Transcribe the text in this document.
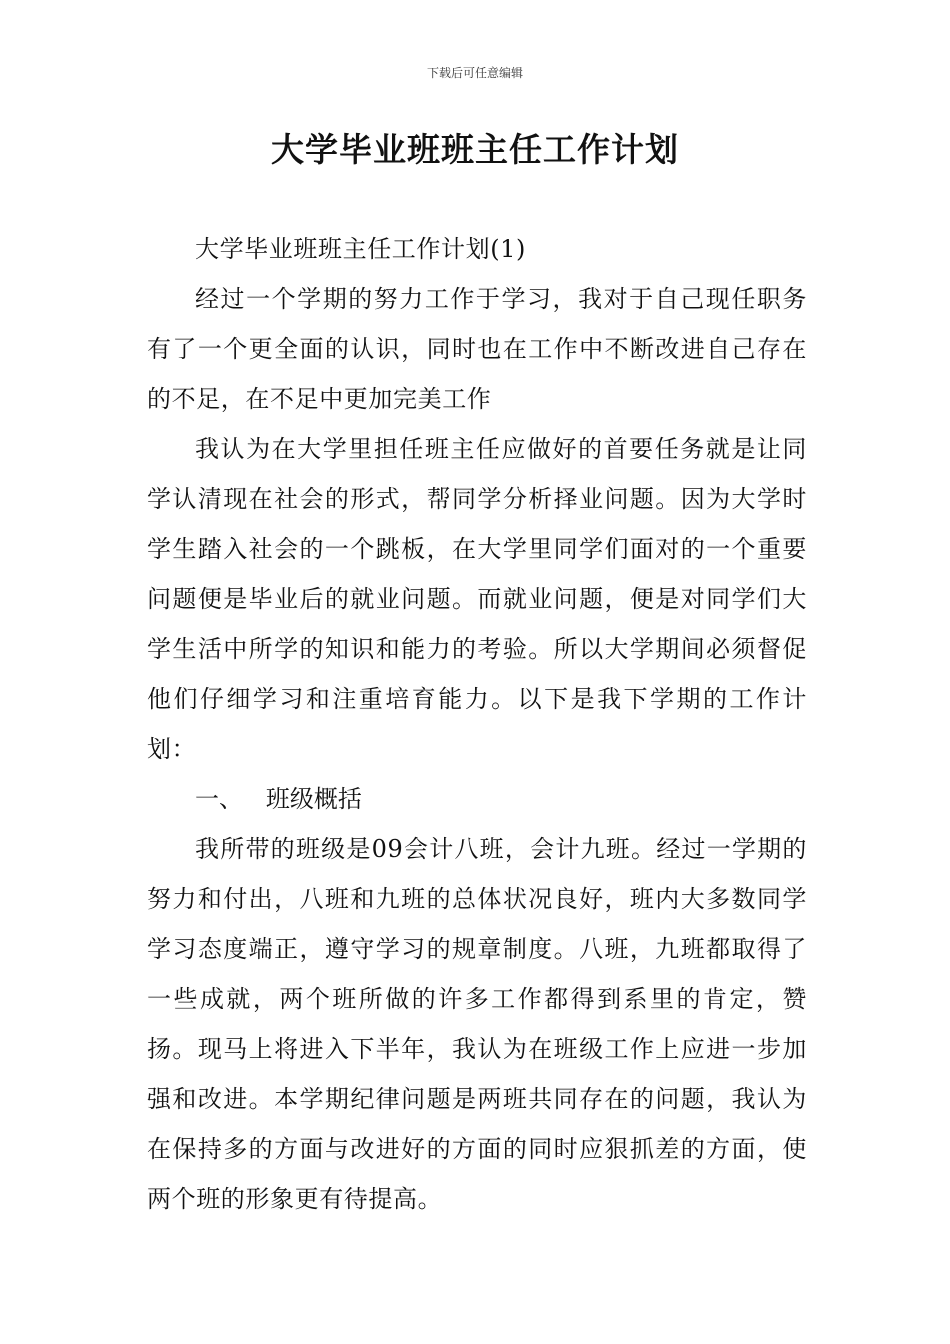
下载后可任意编辑
大学毕业班班主任工作计划

大学毕业班班主任工作计划(1)

经过一个学期的努力工作于学习，我对于自己现任职务有了一个更全面的认识，同时也在工作中不断改进自己存在的不足，在不足中更加完美工作

我认为在大学里担任班主任应做好的首要任务就是让同学认清现在社会的形式，帮同学分析择业问题。因为大学时学生踏入社会的一个跳板，在大学里同学们面对的一个重要问题便是毕业后的就业问题。而就业问题，便是对同学们大学生活中所学的知识和能力的考验。所以大学期间必须督促他们仔细学习和注重培育能力。以下是我下学期的工作计划：

一、 班级概括

我所带的班级是09会计八班，会计九班。经过一学期的努力和付出，八班和九班的总体状况良好，班内大多数同学学习态度端正，遵守学习的规章制度。八班，九班都取得了一些成就，两个班所做的许多工作都得到系里的肯定，赞扬。现马上将进入下半年，我认为在班级工作上应进一步加强和改进。本学期纪律问题是两班共同存在的问题，我认为在保持多的方面与改进好的方面的同时应狠抓差的方面，使两个班的形象更有待提高。
